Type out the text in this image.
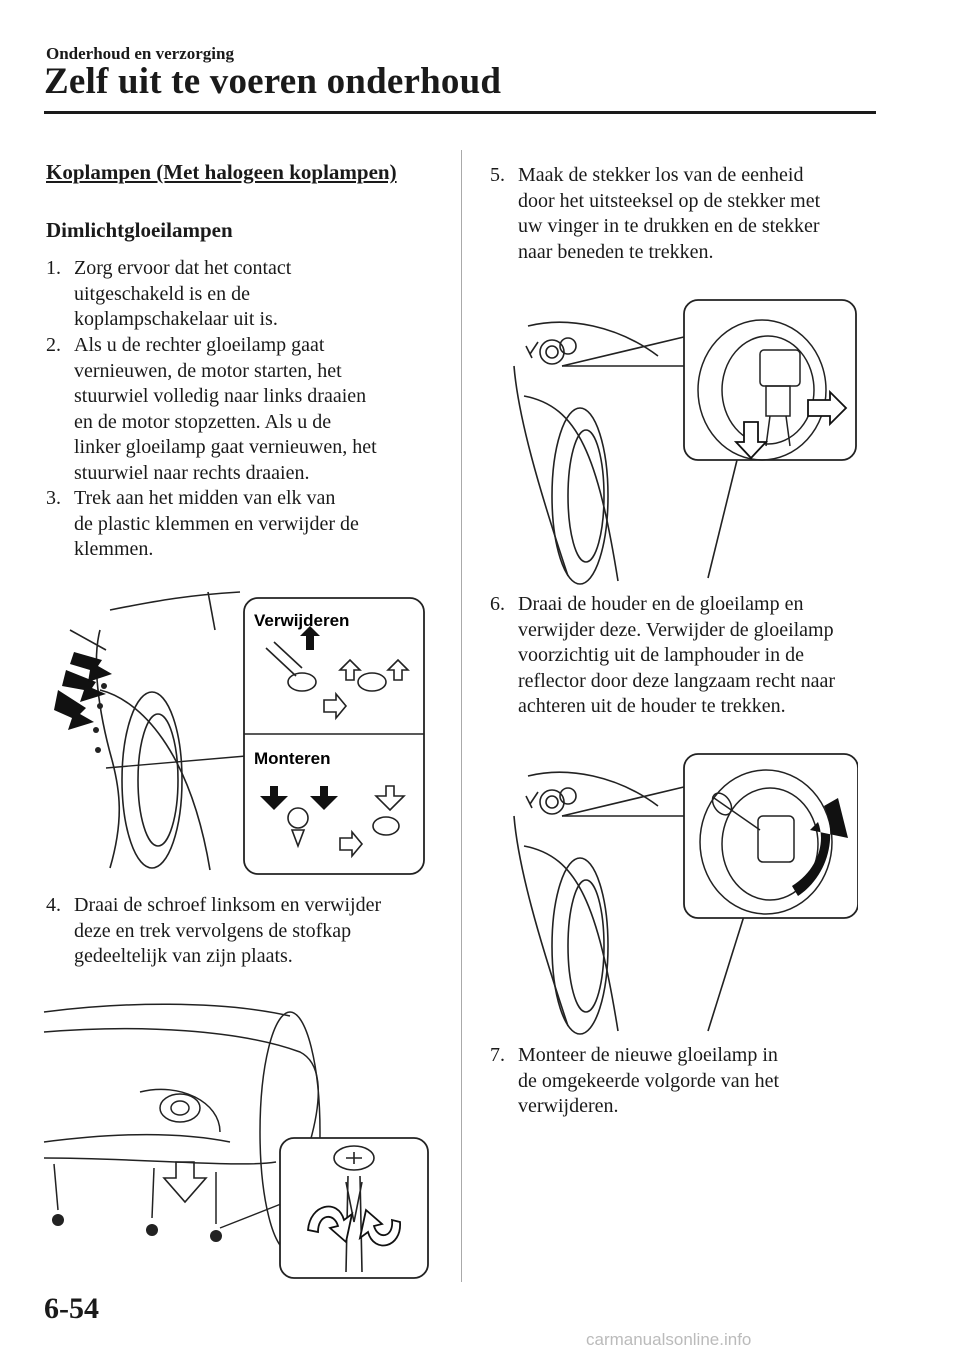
Onderhoud en verzorging
Zelf uit te voeren onderhoud
Koplampen (Met halogeen koplampen)
Dimlichtgloeilampen
1. Zorg ervoor dat het contact
uitgeschakeld is en de
koplampschakelaar uit is.
2. Als u de rechter gloeilamp gaat
vernieuwen, de motor starten, het
stuurwiel volledig naar links draaien
en de motor stopzetten. Als u de
linker gloeilamp gaat vernieuwen, het
stuurwiel naar rechts draaien.
3. Trek aan het midden van elk van
de plastic klemmen en verwijder de
klemmen.
4. Draai de schroef linksom en verwijder
deze en trek vervolgens de stofkap
gedeeltelijk van zijn plaats.
5. Maak de stekker los van de eenheid
door het uitsteeksel op de stekker met
uw vinger in te drukken en de stekker
naar beneden te trekken.
6. Draai de houder en de gloeilamp en
verwijder deze. Verwijder de gloeilamp
voorzichtig uit de lamphouder in de
reflector door deze langzaam recht naar
achteren uit de houder te trekken.
7. Monteer de nieuwe gloeilamp in
de omgekeerde volgorde van het
verwijderen.
Verwijderen
Monteren
6-54
carmanualsonline.info
